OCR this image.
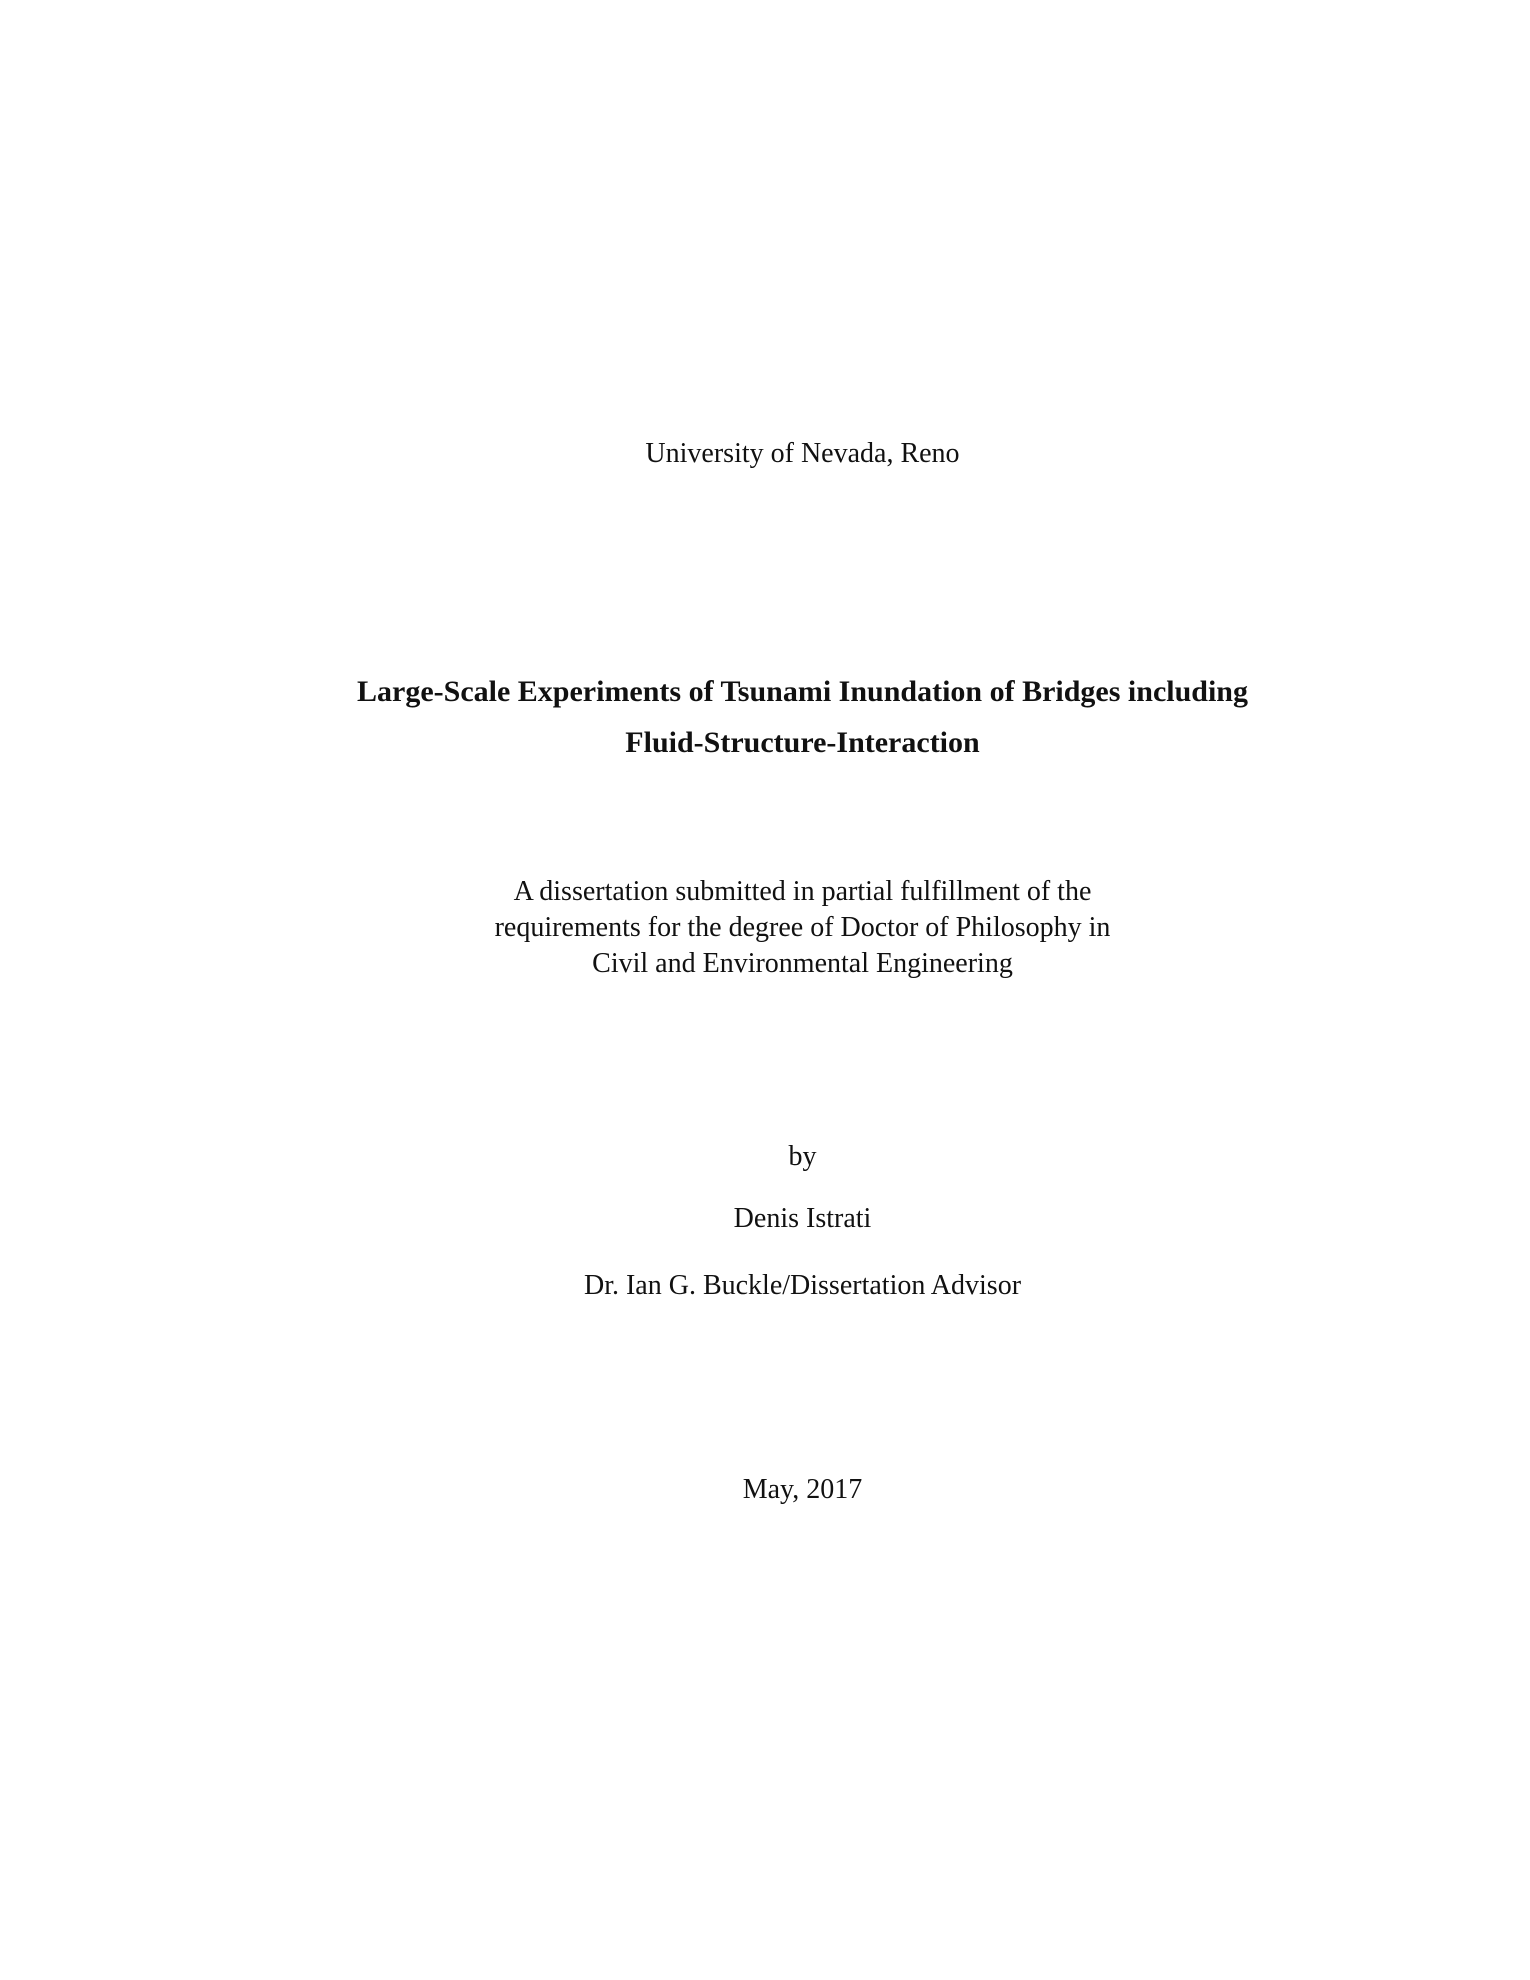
University of Nevada, Reno
Large-Scale Experiments of Tsunami Inundation of Bridges including
Fluid-Structure-Interaction
A dissertation submitted in partial fulfillment of the
requirements for the degree of Doctor of Philosophy in
Civil and Environmental Engineering
by
Denis Istrati
Dr. Ian G. Buckle/Dissertation Advisor
May, 2017
